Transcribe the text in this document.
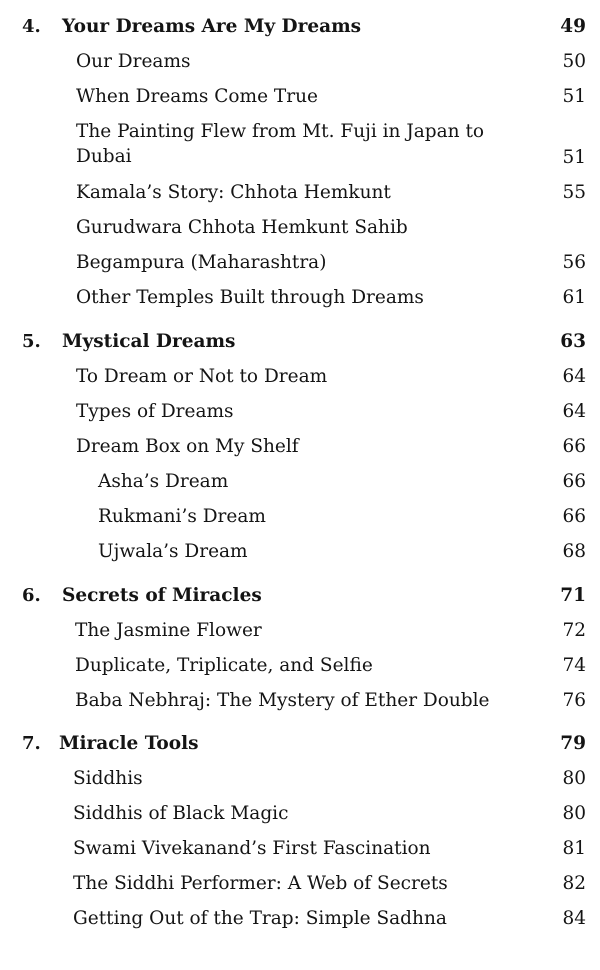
4. Your Dreams Are My Dreams	49
Our Dreams	50
When Dreams Come True	51
The Painting Flew from Mt. Fuji in Japan to Dubai	51
Kamala’s Story: Chhota Hemkunt	55
Gurudwara Chhota Hemkunt Sahib
Begampura (Maharashtra)	56
Other Temples Built through Dreams	61
5. Mystical Dreams	63
To Dream or Not to Dream	64
Types of Dreams	64
Dream Box on My Shelf	66
Asha’s Dream	66
Rukmani’s Dream	66
Ujwala’s Dream	68
6. Secrets of Miracles	71
The Jasmine Flower	72
Duplicate, Triplicate, and Selfie	74
Baba Nebhraj: The Mystery of Ether Double	76
7. Miracle Tools	79
Siddhis	80
Siddhis of Black Magic	80
Swami Vivekanand’s First Fascination	81
The Siddhi Performer: A Web of Secrets	82
Getting Out of the Trap: Simple Sadhna	84
